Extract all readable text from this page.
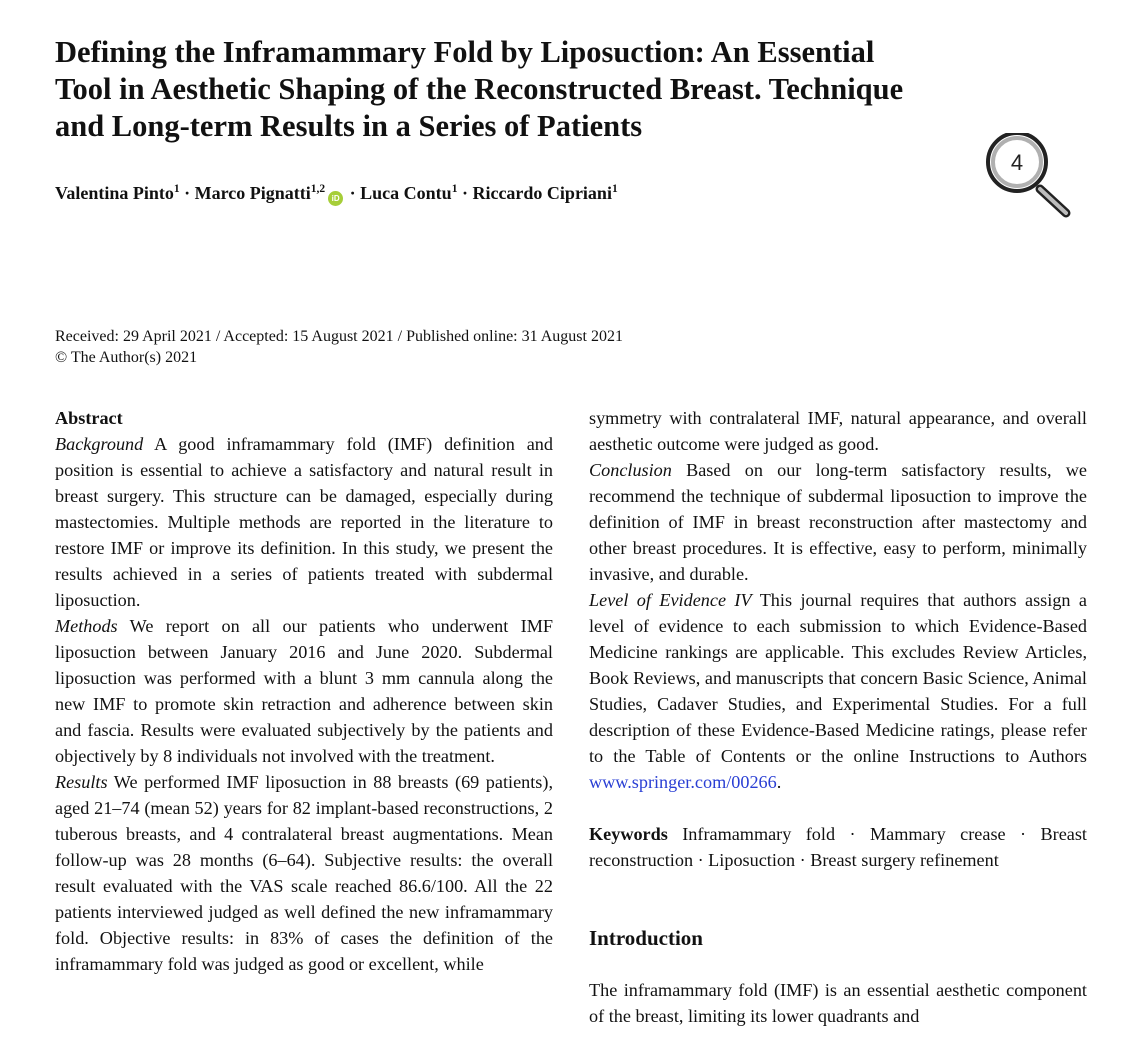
Defining the Inframammary Fold by Liposuction: An Essential
Tool in Aesthetic Shaping of the Reconstructed Breast. Technique
and Long-term Results in a Series of Patients
4
Valentina Pinto$^1$ · Marco Pignatti$^{1,2}$iD · Luca Contu$^1$ · Riccardo Cipriani$^1$
Received: 29 April 2021 / Accepted: 15 August 2021 / Published online: 31 August 2021
© The Author(s) 2021

Abstract

Background A good inframammary fold (IMF) definition and position is essential to achieve a satisfactory and natural result in breast surgery. This structure can be damaged, especially during mastectomies. Multiple methods are reported in the literature to restore IMF or improve its definition. In this study, we present the results achieved in a series of patients treated with subdermal liposuction.

Methods We report on all our patients who underwent IMF liposuction between January 2016 and June 2020. Subdermal liposuction was performed with a blunt 3 mm cannula along the new IMF to promote skin retraction and adherence between skin and fascia. Results were evaluated subjectively by the patients and objectively by 8 individuals not involved with the treatment.

Results We performed IMF liposuction in 88 breasts (69 patients), aged 21–74 (mean 52) years for 82 implant-based reconstructions, 2 tuberous breasts, and 4 contralateral breast augmentations. Mean follow-up was 28 months (6–64). Subjective results: the overall result evaluated with the VAS scale reached 86.6/100. All the 22 patients interviewed judged as well defined the new inframammary fold. Objective results: in 83% of cases the definition of the inframammary fold was judged as good or excellent, while

symmetry with contralateral IMF, natural appearance, and overall aesthetic outcome were judged as good.

Conclusion Based on our long-term satisfactory results, we recommend the technique of subdermal liposuction to improve the definition of IMF in breast reconstruction after mastectomy and other breast procedures. It is effective, easy to perform, minimally invasive, and durable.

Level of Evidence IV This journal requires that authors assign a level of evidence to each submission to which Evidence-Based Medicine rankings are applicable. This excludes Review Articles, Book Reviews, and manuscripts that concern Basic Science, Animal Studies, Cadaver Studies, and Experimental Studies. For a full description of these Evidence-Based Medicine ratings, please refer to the Table of Contents or the online Instructions to Authors www.springer.com/00266.

Keywords Inframammary fold · Mammary crease · Breast reconstruction · Liposuction · Breast surgery refinement

Introduction

The inframammary fold (IMF) is an essential aesthetic component of the breast, limiting its lower quadrants and
